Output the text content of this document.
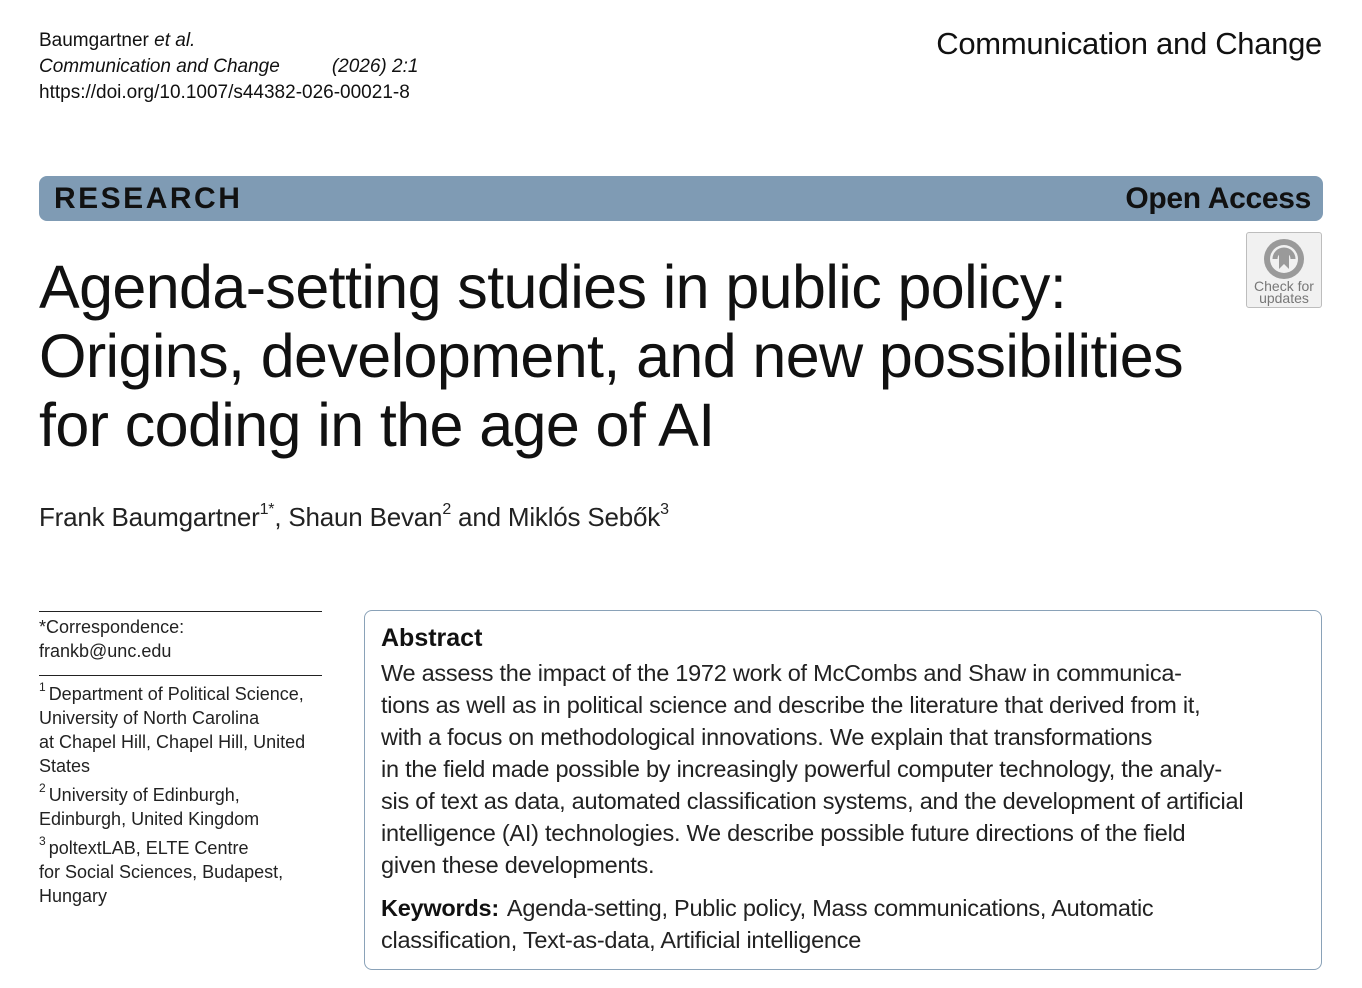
Baumgartner et al.
Communication and Change	(2026) 2:1
https://doi.org/10.1007/s44382-026-00021-8
Communication and Change
RESEARCH	Open Access
Check for
updates
Agenda-setting studies in public policy:
Origins, development, and new possibilities
for coding in the age of AI
Frank Baumgartner$^{1*}$, Shaun Bevan$^2$ and Miklós Sebők$^3$
*Correspondence:
frankb@unc.edu
$^1$ Department of Political Science,
University of North Carolina
at Chapel Hill, Chapel Hill, United
States
$^2$ University of Edinburgh,
Edinburgh, United Kingdom
$^3$ poltextLAB, ELTE Centre
for Social Sciences, Budapest,
Hungary
Abstract
We assess the impact of the 1972 work of McCombs and Shaw in communica-
tions as well as in political science and describe the literature that derived from it,
with a focus on methodological innovations. We explain that transformations
in the field made possible by increasingly powerful computer technology, the analy-
sis of text as data, automated classification systems, and the development of artificial
intelligence (AI) technologies. We describe possible future directions of the field
given these developments.
Keywords: Agenda-setting, Public policy, Mass communications, Automatic
classification, Text-as-data, Artificial intelligence
